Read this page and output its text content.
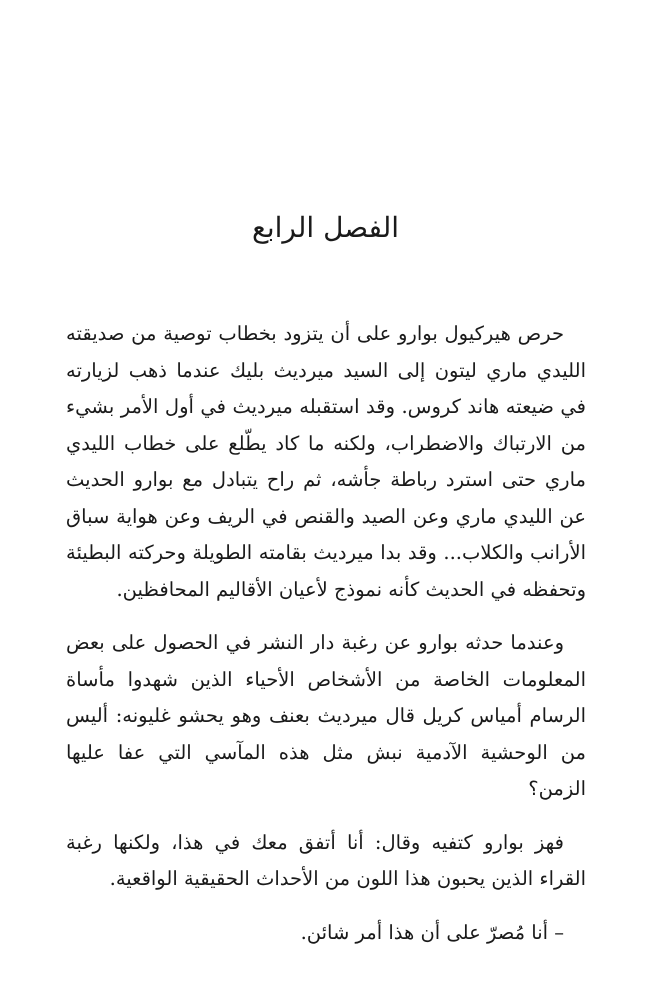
الفصل الرابع

حرص هيركيول بوارو على أن يتزود بخطاب توصية من صديقته الليدي ماري ليتون إلى السيد ميرديث بليك عندما ذهب لزيارته في ضيعته هاند كروس. وقد استقبله ميرديث في أول الأمر بشيء من الارتباك والاضطراب، ولكنه ما كاد يطّلع على خطاب الليدي ماري حتى استرد رباطة جأشه، ثم راح يتبادل مع بوارو الحديث عن الليدي ماري وعن الصيد والقنص في الريف وعن هواية سباق الأرانب والكلاب... وقد بدا ميرديث بقامته الطويلة وحركته البطيئة وتحفظه في الحديث كأنه نموذج لأعيان الأقاليم المحافظين.

وعندما حدثه بوارو عن رغبة دار النشر في الحصول على بعض المعلومات الخاصة من الأشخاص الأحياء الذين شهدوا مأساة الرسام أمياس كريل قال ميرديث بعنف وهو يحشو غليونه: أليس من الوحشية الآدمية نبش مثل هذه المآسي التي عفا عليها الزمن؟

فهز بوارو كتفيه وقال: أنا أتفق معك في هذا، ولكنها رغبة القراء الذين يحبون هذا اللون من الأحداث الحقيقية الواقعية.

– أنا مُصرّ على أن هذا أمر شائن.
